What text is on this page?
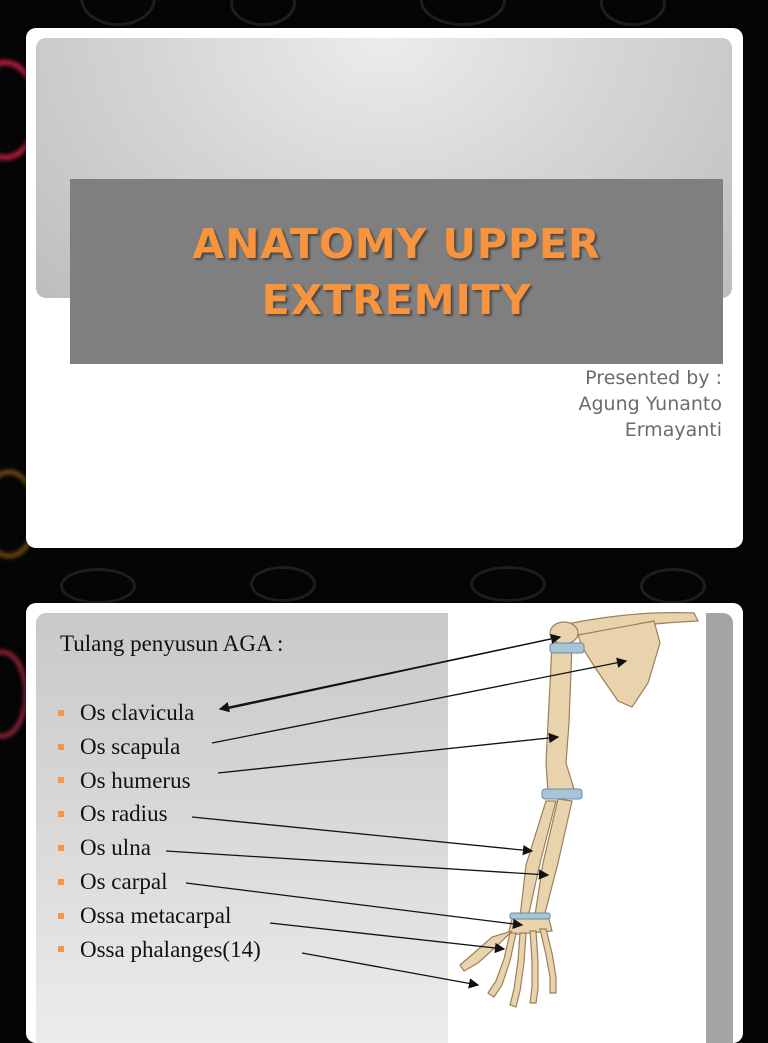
ANATOMY UPPER EXTREMITY
Presented by :
Agung Yunanto
Ermayanti
Tulang penyusun AGA :
Os clavicula
Os scapula
Os humerus
Os radius
Os ulna
Os carpal
Ossa metacarpal
Ossa phalanges(14)
